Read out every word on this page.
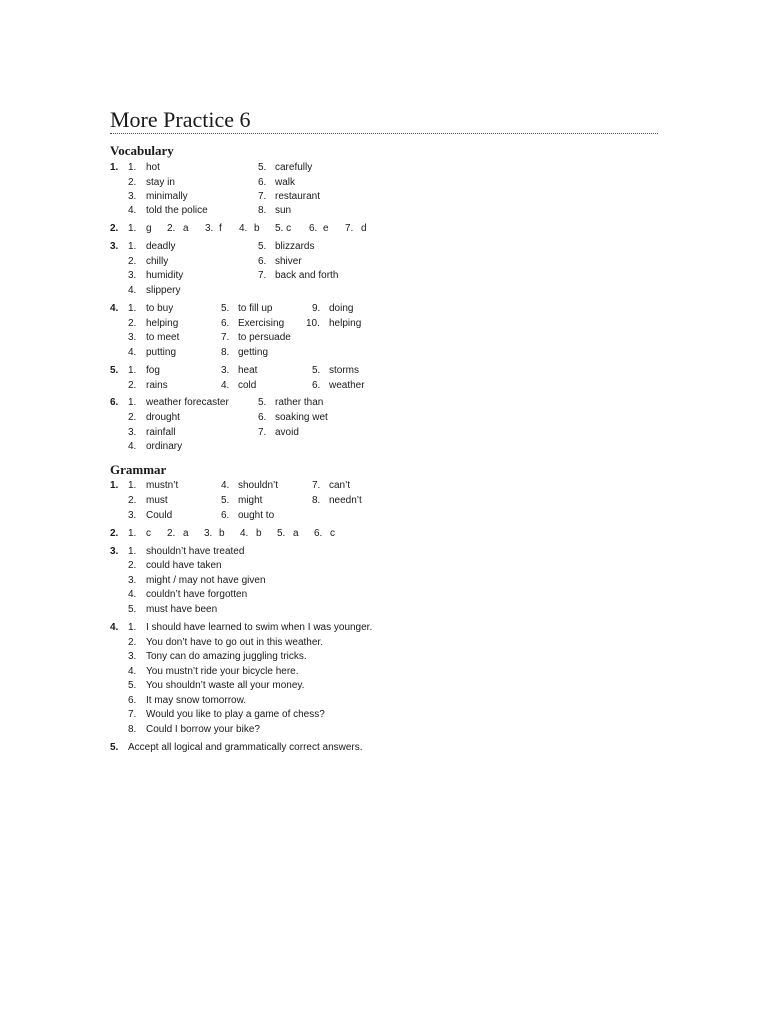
More Practice 6
Vocabulary
1. 1. hot
2. stay in
3. minimally
4. told the police
5. carefully
6. walk
7. restaurant
8. sun
2. 1. g 2. a 3. f 4. b 5. c 6. e 7. d
3. 1. deadly
2. chilly
3. humidity
4. slippery
5. blizzards
6. shiver
7. back and forth
4. 1. to buy
2. helping
3. to meet
4. putting
5. to fill up
6. Exercising
7. to persuade
8. getting
9. doing
10. helping
5. 1. fog
2. rains
3. heat
4. cold
5. storms
6. weather
6. 1. weather forecaster
2. drought
3. rainfall
4. ordinary
5. rather than
6. soaking wet
7. avoid
Grammar
1. 1. mustn’t
2. must
3. Could
4. shouldn’t
5. might
6. ought to
7. can’t
8. needn’t
2. 1. c 2. a 3. b 4. b 5. a 6. c
3. 1. shouldn’t have treated
2. could have taken
3. might / may not have given
4. couldn’t have forgotten
5. must have been
4. 1. I should have learned to swim when I was younger.
2. You don’t have to go out in this weather.
3. Tony can do amazing juggling tricks.
4. You mustn’t ride your bicycle here.
5. You shouldn’t waste all your money.
6. It may snow tomorrow.
7. Would you like to play a game of chess?
8. Could I borrow your bike?
5. Accept all logical and grammatically correct answers.
